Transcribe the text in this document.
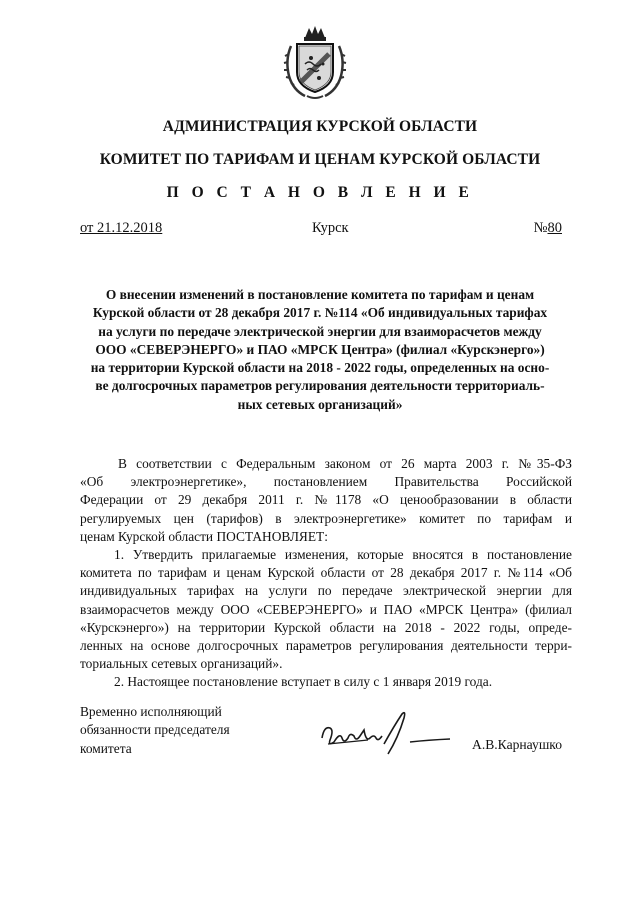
АДМИНИСТРАЦИЯ КУРСКОЙ ОБЛАСТИ
КОМИТЕТ ПО ТАРИФАМ И ЦЕНАМ КУРСКОЙ ОБЛАСТИ
П О С Т А Н О В Л Е Н И Е
от 21.12.2018	Курск	№80
О внесении изменений в постановление комитета по тарифам и ценам
Курской области от 28 декабря 2017 г. №114 «Об индивидуальных тарифах
на услуги по передаче электрической энергии для взаиморасчетов между
ООО «СЕВЕРЭНЕРГО» и ПАО «МРСК Центра» (филиал «Курскэнерго»)
на территории Курской области на 2018 - 2022 годы, определенных на осно-
ве долгосрочных параметров регулирования деятельности территориаль-
ных сетевых организаций»
В соответствии с Федеральным законом от 26 марта 2003 г. №35-ФЗ
«Об электроэнергетике», постановлением Правительства Российской
Федерации от 29 декабря 2011 г. №1178 «О ценообразовании в области
регулируемых цен (тарифов) в электроэнергетике» комитет по тарифам и
ценам Курской области ПОСТАНОВЛЯЕТ:
1. Утвердить прилагаемые изменения, которые вносятся в постановление
комитета по тарифам и ценам Курской области от 28 декабря 2017 г. №114 «Об
индивидуальных тарифах на услуги по передаче электрической энергии для
взаиморасчетов между ООО «СЕВЕРЭНЕРГО» и ПАО «МРСК Центра» (филиал
«Курскэнерго») на территории Курской области на 2018 - 2022 годы, опреде-
ленных на основе долгосрочных параметров регулирования деятельности терри-
ториальных сетевых организаций».
2. Настоящее постановление вступает в силу с 1 января 2019 года.
Временно исполняющий
обязанности председателя
комитета	А.В.Карнаушко
